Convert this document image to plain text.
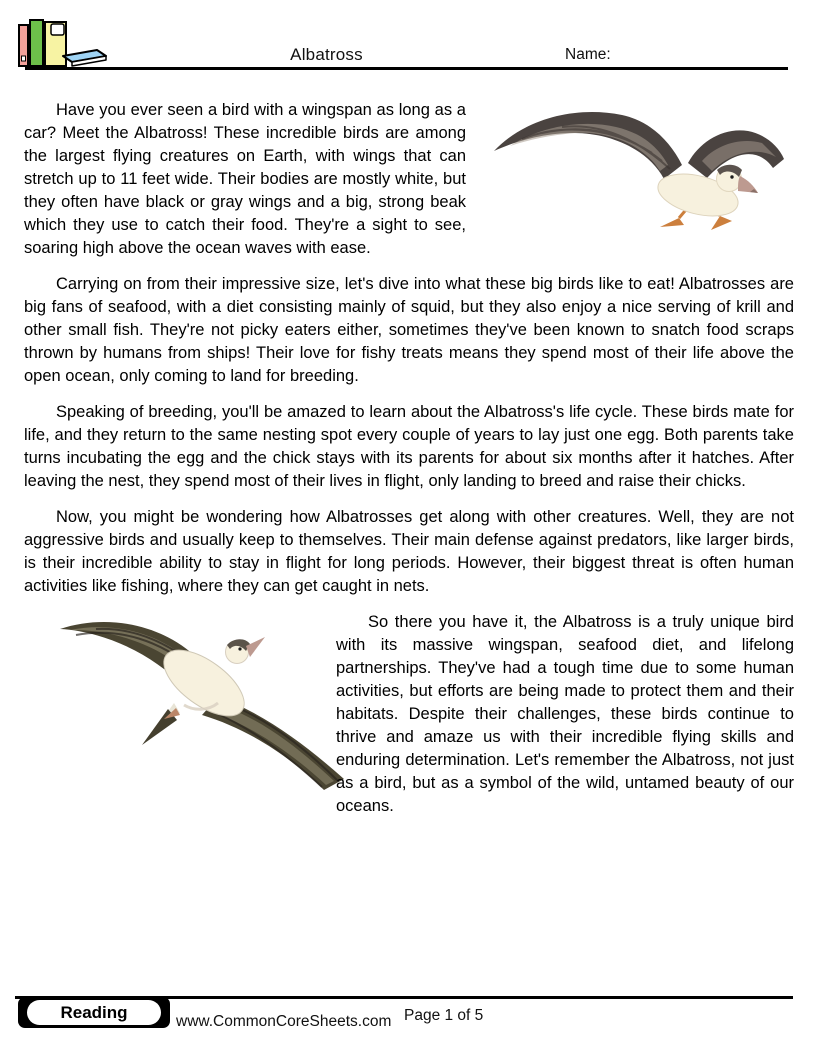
Albatross	Name:
Have you ever seen a bird with a wingspan as long as a car? Meet the Albatross! These incredible birds are among the largest flying creatures on Earth, with wings that can stretch up to 11 feet wide. Their bodies are mostly white, but they often have black or gray wings and a big, strong beak which they use to catch their food. They're a sight to see, soaring high above the ocean waves with ease.
Carrying on from their impressive size, let's dive into what these big birds like to eat! Albatrosses are big fans of seafood, with a diet consisting mainly of squid, but they also enjoy a nice serving of krill and other small fish. They're not picky eaters either, sometimes they've been known to snatch food scraps thrown by humans from ships! Their love for fishy treats means they spend most of their life above the open ocean, only coming to land for breeding.
Speaking of breeding, you'll be amazed to learn about the Albatross's life cycle. These birds mate for life, and they return to the same nesting spot every couple of years to lay just one egg. Both parents take turns incubating the egg and the chick stays with its parents for about six months after it hatches. After leaving the nest, they spend most of their lives in flight, only landing to breed and raise their chicks.
Now, you might be wondering how Albatrosses get along with other creatures. Well, they are not aggressive birds and usually keep to themselves. Their main defense against predators, like larger birds, is their incredible ability to stay in flight for long periods. However, their biggest threat is often human activities like fishing, where they can get caught in nets.
So there you have it, the Albatross is a truly unique bird with its massive wingspan, seafood diet, and lifelong partnerships. They've had a tough time due to some human activities, but efforts are being made to protect them and their habitats. Despite their challenges, these birds continue to thrive and amaze us with their incredible flying skills and enduring determination. Let's remember the Albatross, not just as a bird, but as a symbol of the wild, untamed beauty of our oceans.
Reading	www.CommonCoreSheets.com Page 1 of 5
